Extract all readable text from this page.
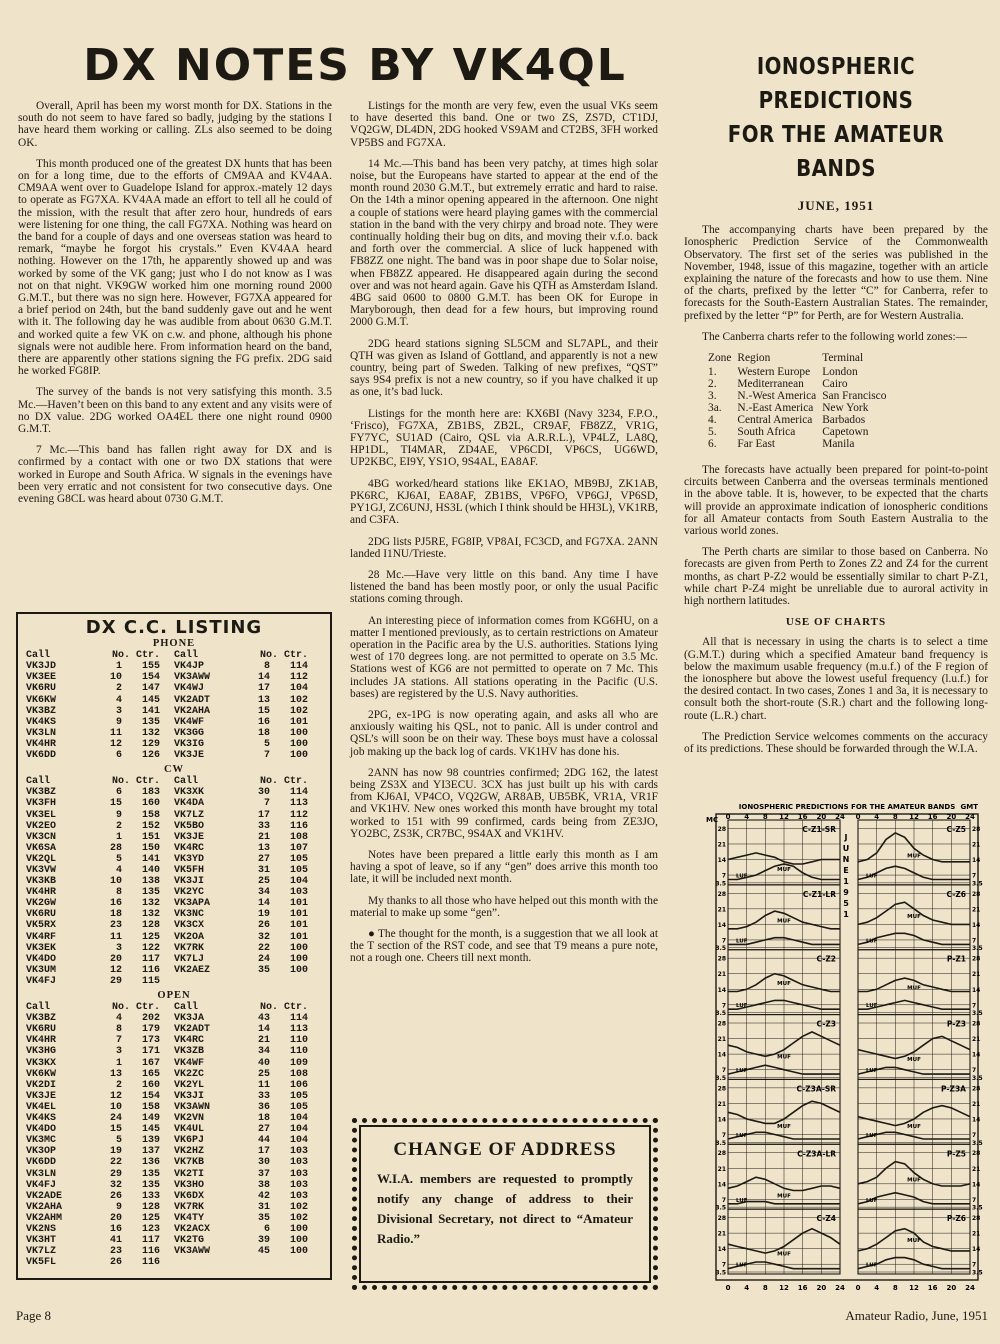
DX NOTES BY VK4QL

Overall, April has been my worst month for DX. Stations in the south do not seem to have fared so badly, judging by the stations I have heard them working or calling. ZLs also seemed to be doing OK.

This month produced one of the greatest DX hunts that has been on for a long time, due to the efforts of CM9AA and KV4AA. CM9AA went over to Guadelope Island for approx.-mately 12 days to operate as FG7XA. KV4AA made an effort to tell all he could of the mission, with the result that after zero hour, hundreds of ears were listening for one thing, the call FG7XA. Nothing was heard on the band for a couple of days and one overseas station was heard to remark, “maybe he forgot his crystals.” Even KV4AA heard nothing. However on the 17th, he apparently showed up and was worked by some of the VK gang; just who I do not know as I was not on that night. VK9GW worked him one morning round 2000 G.M.T., but there was no sign here. However, FG7XA appeared for a brief period on 24th, but the band suddenly gave out and he went with it. The following day he was audible from about 0630 G.M.T. and worked quite a few VK on c.w. and phone, although his phone signals were not audible here. From information heard on the band, there are apparently other stations signing the FG prefix. 2DG said he worked FG8IP.

The survey of the bands is not very satisfying this month. 3.5 Mc.—Haven’t been on this band to any extent and any visits were of no DX value. 2DG worked OA4EL there one night round 0900 G.M.T.

7 Mc.—This band has fallen right away for DX and is confirmed by a contact with one or two DX stations that were worked in Europe and South Africa. W signals in the evenings have been very erratic and not consistent for two consecutive days. One evening G8CL was heard about 0730 G.M.T.

DX C.C. LISTING
PHONE
Call	No. Ctr.	Call	No. Ctr.
VK3JD	1	155	VK4JP	8	114
VK3EE	10	154	VK3AWW	14	112
VK6RU	2	147	VK4WJ	17	104
VK6KW	4	145	VK2ADT	13	102
VK3BZ	3	141	VK2AHA	15	102
VK4KS	9	135	VK4WF	16	101
VK3LN	11	132	VK3GG	18	100
VK4HR	12	129	VK3IG	5	100
VK6DD	6	126	VK3JE	7	100
CW
Call	No. Ctr.	Call	No. Ctr.
VK3BZ	6	183	VK3XK	30	114
VK3FH	15	160	VK4DA	7	113
VK3EL	9	158	VK7LZ	17	112
VK2EO	2	152	VK5BO	33	116
VK3CN	1	151	VK3JE	21	108
VK6SA	28	150	VK4RC	13	107
VK2QL	5	141	VK3YD	27	105
VK3VW	4	140	VK5FH	31	105
VK3KB	10	138	VK3JI	25	104
VK4HR	8	135	VK2YC	34	103
VK2GW	16	132	VK3APA	14	101
VK6RU	18	132	VK3NC	19	101
VK5RX	23	128	VK3CX	26	101
VK4RF	11	125	VK2OA	32	101
VK3EK	3	122	VK7RK	22	100
VK4DO	20	117	VK7LJ	24	100
VK3UM	12	116	VK2AEZ	35	100
VK4FJ	29	115
OPEN
Call	No. Ctr.	Call	No. Ctr.
VK3BZ	4	202	VK3JA	43	114
VK6RU	8	179	VK2ADT	14	113
VK4HR	7	173	VK4RC	21	110
VK3HG	3	171	VK3ZB	34	110
VK3KX	1	167	VK4WF	40	109
VK6KW	13	165	VK2ZC	25	108
VK2DI	2	160	VK2YL	11	106
VK3JE	12	154	VK3JI	33	105
VK4EL	10	158	VK3AWN	36	105
VK4KS	24	149	VK2VN	18	104
VK4DO	15	145	VK4UL	27	104
VK3MC	5	139	VK6PJ	44	104
VK3OP	19	137	VK2HZ	17	103
VK6DD	22	136	VK7KB	30	103
VK3LN	29	135	VK2TI	37	103
VK4FJ	32	135	VK3HO	38	103
VK2ADE	26	133	VK6DX	42	103
VK2AHA	9	128	VK7RK	31	102
VK2AHM	20	125	VK4TY	35	102
VK2NS	16	123	VK2ACX	6	100
VK3HT	41	117	VK2TG	39	100
VK7LZ	23	116	VK3AWW	45	100
VK5FL	26	116

Listings for the month are very few, even the usual VKs seem to have deserted this band. One or two ZS, ZS7D, CT1DJ, VQ2GW, DL4DN, 2DG hooked VS9AM and CT2BS, 3FH worked VP5BS and FG7XA.

14 Mc.—This band has been very patchy, at times high solar noise, but the Europeans have started to appear at the end of the month round 2030 G.M.T., but extremely erratic and hard to raise. On the 14th a minor opening appeared in the afternoon. One night a couple of stations were heard playing games with the commercial station in the band with the very chirpy and broad note. They were continually holding their bug on dits, and moving their v.f.o. back and forth over the commercial. A slice of luck happened with FB8ZZ one night. The band was in poor shape due to Solar noise, when FB8ZZ appeared. He disappeared again during the second over and was not heard again. Gave his QTH as Amsterdam Island. 4BG said 0600 to 0800 G.M.T. has been OK for Europe in Maryborough, then dead for a few hours, but improving round 2000 G.M.T.

2DG heard stations signing SL5CM and SL7APL, and their QTH was given as Island of Gottland, and apparently is not a new country, being part of Sweden. Talking of new prefixes, “QST” says 9S4 prefix is not a new country, so if you have chalked it up as one, it’s bad luck.

Listings for the month here are: KX6BI (Navy 3234, F.P.O., ‘Frisco), FG7XA, ZB1BS, ZB2L, CR9AF, FB8ZZ, VR1G, FY7YC, SU1AD (Cairo, QSL via A.R.R.L.), VP4LZ, LA8Q, HP1DL, TI4MAR, ZD4AE, VP6CDI, VP6CS, UG6WD, UP2KBC, EI9Y, YS1O, 9S4AL, EA8AF.

4BG worked/heard stations like EK1AO, MB9BJ, ZK1AB, PK6RC, KJ6AI, EA8AF, ZB1BS, VP6FO, VP6GJ, VP6SD, PY1GJ, ZC6UNJ, HS3L (which I think should be HH3L), VK1RB, and C3FA.

2DG lists PJ5RE, FG8IP, VP8AI, FC3CD, and FG7XA. 2ANN landed I1NU/Trieste.

28 Mc.—Have very little on this band. Any time I have listened the band has been mostly poor, or only the usual Pacific stations coming through.

An interesting piece of information comes from KG6HU, on a matter I mentioned previously, as to certain restrictions on Amateur operation in the Pacific area by the U.S. authorities. Stations lying west of 170 degrees long. are not permitted to operate on 3.5 Mc. Stations west of KG6 are not permitted to operate on 7 Mc. This includes JA stations. All stations operating in the Pacific (U.S. bases) are registered by the U.S. Navy authorities.

2PG, ex-1PG is now operating again, and asks all who are anxiously waiting his QSL, not to panic. All is under control and QSL’s will soon be on their way. These boys must have a colossal job making up the back log of cards. VK1HV has done his.

2ANN has now 98 countries confirmed; 2DG 162, the latest being ZS3X and YI3ECU. 3CX has just built up his with cards from KJ6AI, VP4CO, VQ2GW, AR8AB, UB5BK, VR1A, VR1F and VK1HV. New ones worked this month have brought my total worked to 151 with 99 confirmed, cards being from ZE3JO, YO2BC, ZS3K, CR7BC, 9S4AX and VK1HV.

Notes have been prepared a little early this month as I am having a spot of leave, so if any “gen” does arrive this month too late, it will be included next month.

My thanks to all those who have helped out this month with the material to make up some “gen”.

● The thought for the month, is a suggestion that we all look at the T section of the RST code, and see that T9 means a pure note, not a rough one. Cheers till next month.

CHANGE OF ADDRESS

W.I.A. members are requested to promptly notify any change of address to their Divisional Secretary, not direct to “Amateur Radio.”

IONOSPHERIC PREDICTIONS
FOR THE AMATEUR BANDS
JUNE, 1951

The accompanying charts have been prepared by the Ionospheric Prediction Service of the Commonwealth Observatory. The first set of the series was published in the November, 1948, issue of this magazine, together with an article explaining the nature of the forecasts and how to use them. Nine of the charts, prefixed by the letter “C” for Canberra, refer to forecasts for the South-Eastern Australian States. The remainder, prefixed by the letter “P” for Perth, are for Western Australia.

The Canberra charts refer to the following world zones:—

Zone	Region	Terminal
1.	Western Europe	London
2.	Mediterranean	Cairo
3.	N.-West America	San Francisco
3a.	N.-East America	New York
4.	Central America	Barbados
5.	South Africa	Capetown
6.	Far East	Manila

The forecasts have actually been prepared for point-to-point circuits between Canberra and the overseas terminals mentioned in the above table. It is, however, to be expected that the charts will provide an approximate indication of ionospheric conditions for all Amateur contacts from South Eastern Australia to the various world zones.

The Perth charts are similar to those based on Canberra. No forecasts are given from Perth to Zones Z2 and Z4 for the current months, as chart P-Z2 would be essentially similar to chart P-Z1, while chart P-Z4 might be unreliable due to auroral activity in high northern latitudes.

USE OF CHARTS

All that is necessary in using the charts is to select a time (G.M.T.) during which a specified Amateur band frequency is below the maximum usable frequency (m.u.f.) of the F region of the ionosphere but above the lowest useful frequency (l.u.f.) for the desired contact. In two cases, Zones 1 and 3a, it is necessary to consult both the short-route (S.R.) chart and the following long-route (L.R.) chart.

The Prediction Service welcomes comments on the accuracy of its predictions. These should be forwarded through the W.I.A.

IONOSPHERIC PREDICTIONS FOR THE AMATEUR BANDS GMT
MC 0
0
4
4
8
8
12
12
16
16
20
20
24
24
0
0
4
4
8
8
12
12
16
16
20
20
24
24
J
U
N
E
1
9
5
1
28
21
14
7
3.5
C-Z1-SR
MUF
LUF
28
21
14
7
3.5
C-Z1-LR
MUF
LUF
28
21
14
7
3.5
C-Z2
MUF
LUF
28
21
14
7
3.5
C-Z3
MUF
LUF
28
21
14
7
3.5
C-Z3A-SR
MUF
LUF
28
21
14
7
3.5
C-Z3A-LR
MUF
LUF
28
21
14
7
3.5
C-Z4
MUF
LUF
28
21
14
7
3.5
C-Z5
MUF
LUF
28
21
14
7
3.5
C-Z6
MUF
LUF
28
21
14
7
3.5
P-Z1
MUF
LUF
28
21
14
7
3.5
P-Z3
MUF
LUF
28
21
14
7
3.5
P-Z3A
MUF
LUF
28
21
14
7
3.5
P-Z5
MUF
LUF
28
21
14
7
3.5
P-Z6
MUF
LUF
Page 8	Amateur Radio, June, 1951
